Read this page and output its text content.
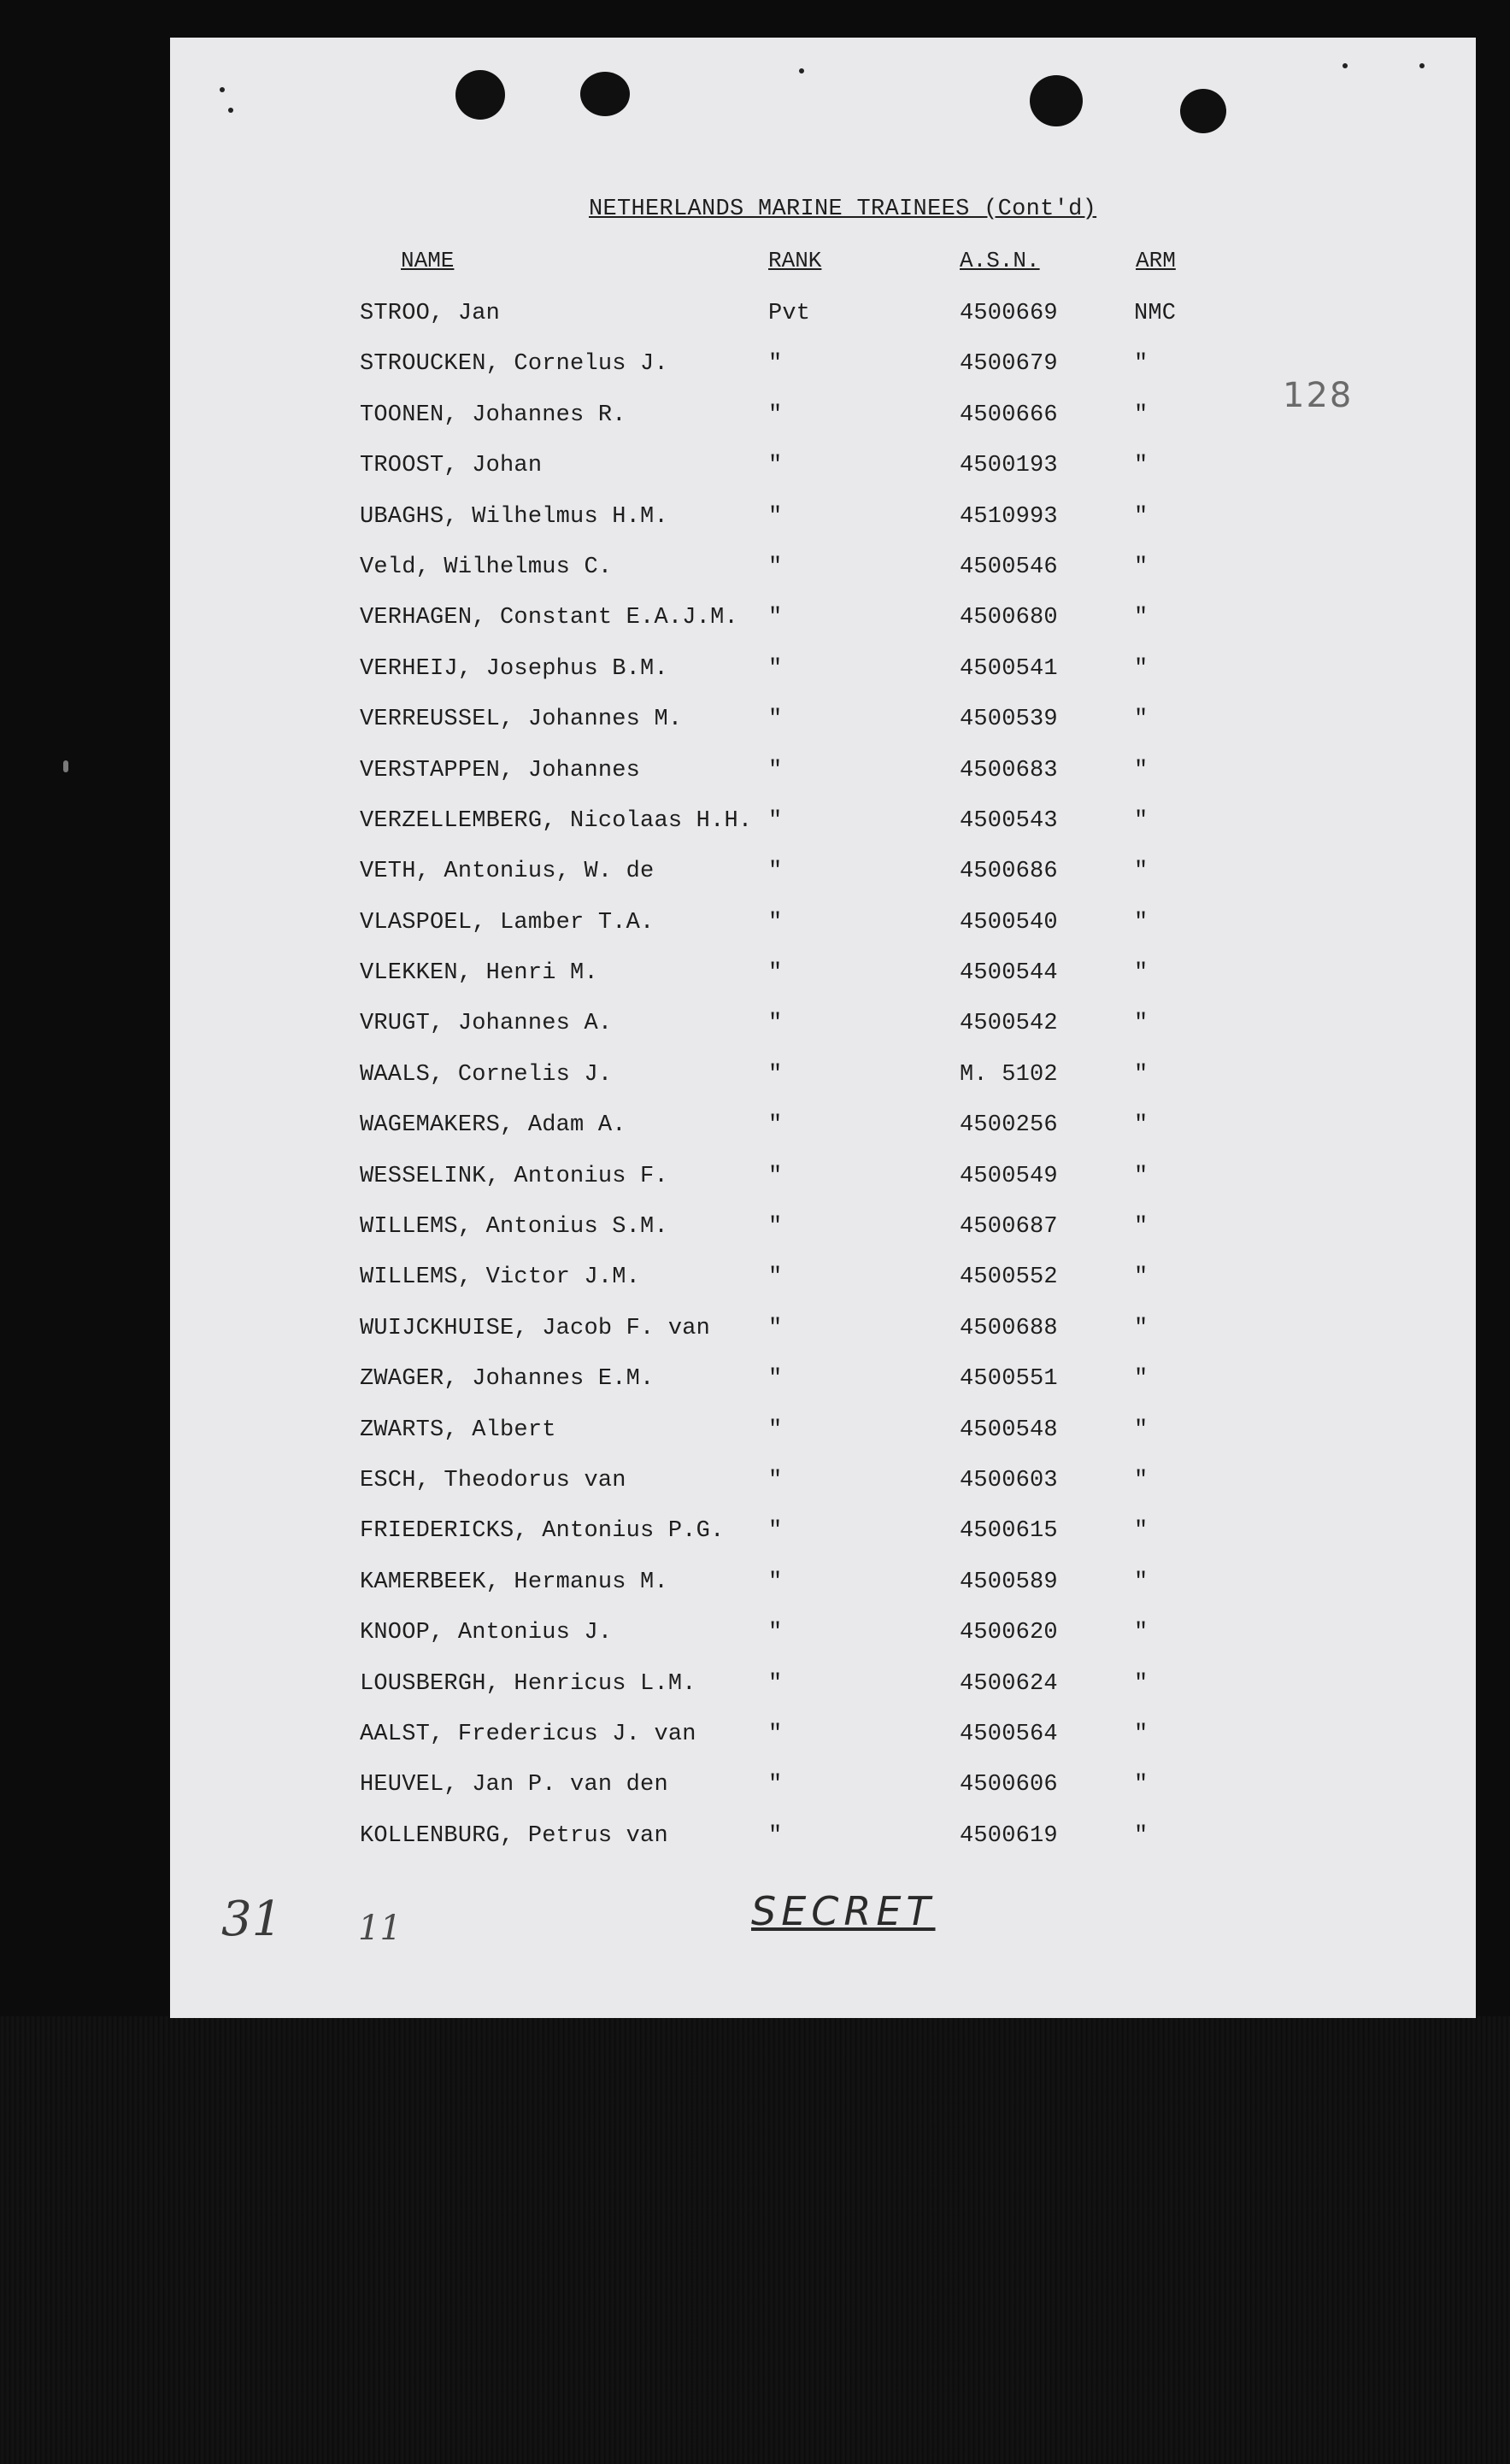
NETHERLANDS MARINE TRAINEES (Cont'd)
NAME	RANK	A.S.N.	ARM
128
STROO, Jan	Pvt	4500669	NMC
STROUCKEN, Cornelus J.	"	4500679	"
TOONEN, Johannes R.	"	4500666	"
TROOST, Johan	"	4500193	"
UBAGHS, Wilhelmus H.M.	"	4510993	"
Veld, Wilhelmus C.	"	4500546	"
VERHAGEN, Constant E.A.J.M. "	4500680	"
VERHEIJ, Josephus B.M.	"	4500541	"
VERREUSSEL, Johannes M.	"	4500539	"
VERSTAPPEN, Johannes	"	4500683	"
VERZELLEMBERG, Nicolaas H.H. "	4500543	"
VETH, Antonius, W. de	"	4500686	"
VLASPOEL, Lamber T.A.	"	4500540	"
VLEKKEN, Henri M.	"	4500544	"
VRUGT, Johannes A.	"	4500542	"
WAALS, Cornelis J.	"	M. 5102	"
WAGEMAKERS, Adam A.	"	4500256	"
WESSELINK, Antonius F.	"	4500549	"
WILLEMS, Antonius S.M.	"	4500687	"
WILLEMS, Victor J.M.	"	4500552	"
WUIJCKHUISE, Jacob F. van	"	4500688	"
ZWAGER, Johannes E.M.	"	4500551	"
ZWARTS, Albert	"	4500548	"
ESCH, Theodorus van	"	4500603	"
FRIEDERICKS, Antonius P.G. "	4500615	"
KAMERBEEK, Hermanus M.	"	4500589	"
KNOOP, Antonius J.	"	4500620	"
LOUSBERGH, Henricus L.M.	"	4500624	"
AALST, Fredericus J. van	"	4500564	"
HEUVEL, Jan P. van den	"	4500606	"
KOLLENBURG, Petrus van	"	4500619	"
31 11	SECRET
